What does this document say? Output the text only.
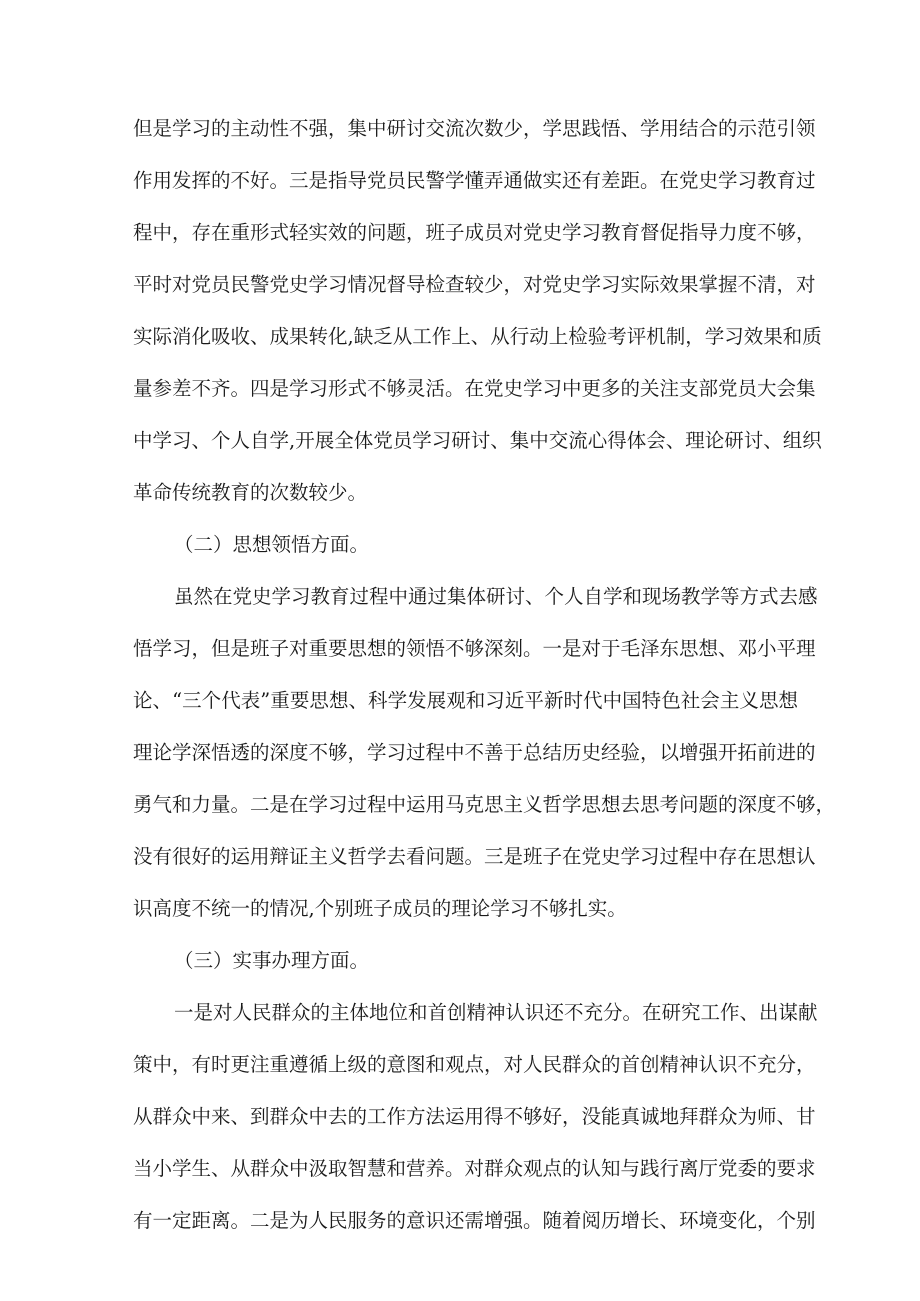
但是学习的主动性不强，集中研讨交流次数少，学思践悟、学用结合的示范引领
作用发挥的不好。三是指导党员民警学懂弄通做实还有差距。在党史学习教育过
程中，存在重形式轻实效的问题，班子成员对党史学习教育督促指导力度不够，
平时对党员民警党史学习情况督导检查较少，对党史学习实际效果掌握不清，对
实际消化吸收、成果转化,缺乏从工作上、从行动上检验考评机制，学习效果和质
量参差不齐。四是学习形式不够灵活。在党史学习中更多的关注支部党员大会集
中学习、个人自学,开展全体党员学习研讨、集中交流心得体会、理论研讨、组织
革命传统教育的次数较少。
（二）思想领悟方面。
虽然在党史学习教育过程中通过集体研讨、个人自学和现场教学等方式去感
悟学习，但是班子对重要思想的领悟不够深刻。一是对于毛泽东思想、邓小平理
论、“三个代表”重要思想、科学发展观和习近平新时代中国特色社会主义思想
理论学深悟透的深度不够，学习过程中不善于总结历史经验，以增强开拓前进的
勇气和力量。二是在学习过程中运用马克思主义哲学思想去思考问题的深度不够，
没有很好的运用辩证主义哲学去看问题。三是班子在党史学习过程中存在思想认
识高度不统一的情况,个别班子成员的理论学习不够扎实。
（三）实事办理方面。
一是对人民群众的主体地位和首创精神认识还不充分。在研究工作、出谋献
策中，有时更注重遵循上级的意图和观点，对人民群众的首创精神认识不充分，
从群众中来、到群众中去的工作方法运用得不够好，没能真诚地拜群众为师、甘
当小学生、从群众中汲取智慧和营养。对群众观点的认知与践行离厅党委的要求
有一定距离。二是为人民服务的意识还需增强。随着阅历增长、环境变化，个别
